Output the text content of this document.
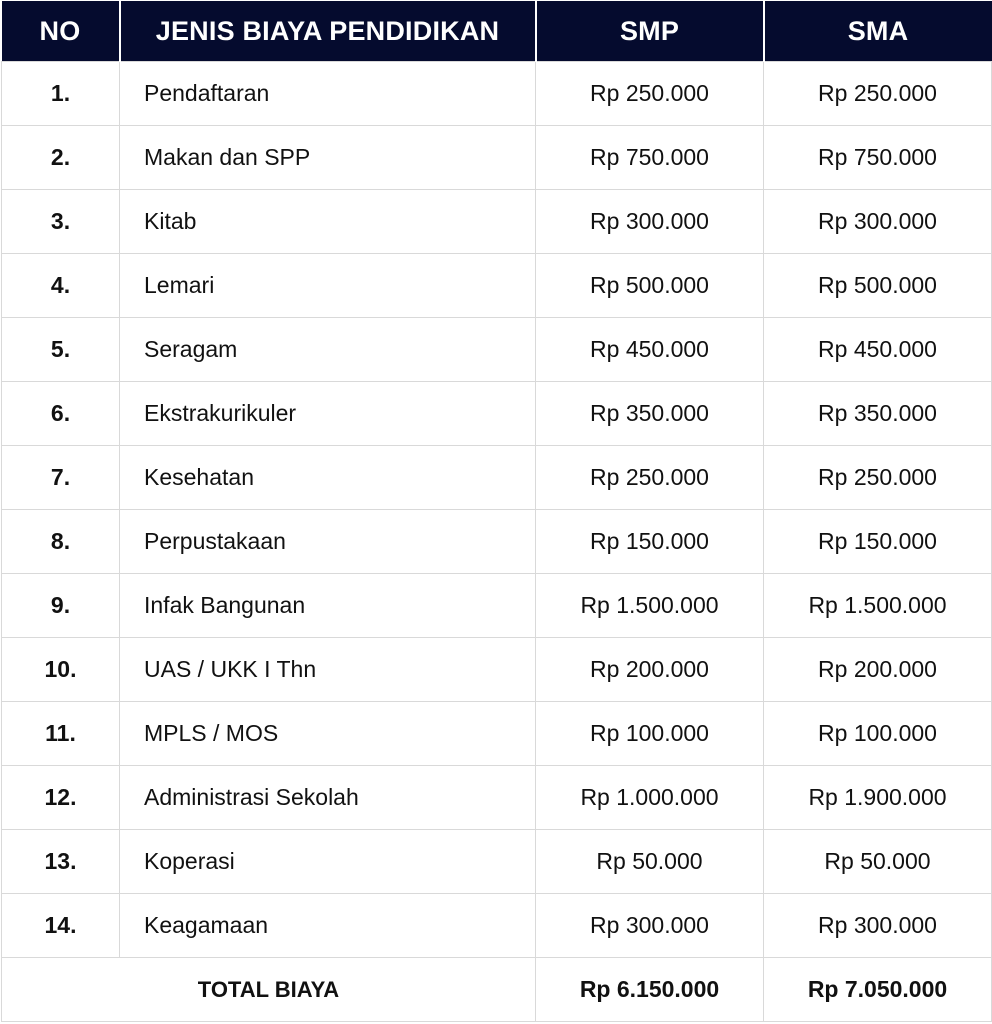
NO	JENIS BIAYA PENDIDIKAN	SMP	SMA
1.	Pendaftaran	Rp 250.000	Rp 250.000
2.	Makan dan SPP	Rp 750.000	Rp 750.000
3.	Kitab	Rp 300.000	Rp 300.000
4.	Lemari	Rp 500.000	Rp 500.000
5.	Seragam	Rp 450.000	Rp 450.000
6.	Ekstrakurikuler	Rp 350.000	Rp 350.000
7.	Kesehatan	Rp 250.000	Rp 250.000
8.	Perpustakaan	Rp 150.000	Rp 150.000
9.	Infak Bangunan	Rp 1.500.000	Rp 1.500.000
10.	UAS / UKK I Thn	Rp 200.000	Rp 200.000
11.	MPLS / MOS	Rp 100.000	Rp 100.000
12.	Administrasi Sekolah	Rp 1.000.000	Rp 1.900.000
13.	Koperasi	Rp 50.000	Rp 50.000
14.	Keagamaan	Rp 300.000	Rp 300.000
TOTAL BIAYA		Rp 6.150.000	Rp 7.050.000
